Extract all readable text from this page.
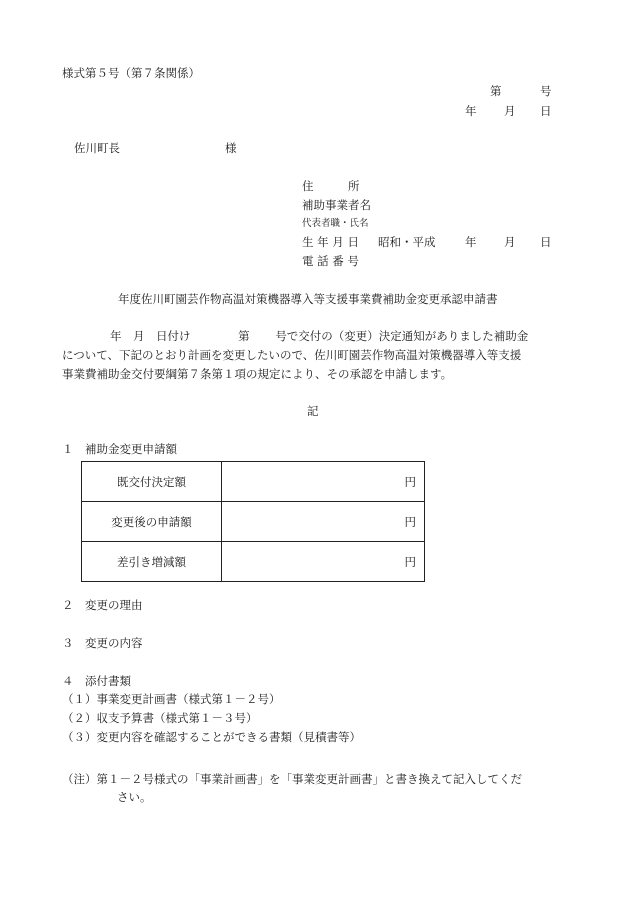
様式第５号（第７条関係）
第	号
年 月 日
佐川町長	様
住　　　所
補助事業者名
代表者職・氏名
生 年 月 日 昭和・平成	年 月 日
電 話 番 号
年度佐川町園芸作物高温対策機器導入等支援事業費補助金変更承認申請書
年　月　日付け	第 号で交付の（変更）決定通知がありました補助金
について、下記のとおり計画を変更したいので、佐川町園芸作物高温対策機器導入等支援
事業費補助金交付要綱第７条第１項の規定により、その承認を申請します。
記
１　補助金変更申請額
既交付決定額	円
変更後の申請額	円
差引き増減額	円
２　変更の理由
３　変更の内容
４　添付書類
（１）事業変更計画書（様式第１－２号）
（２）収支予算書（様式第１－３号）
（３）変更内容を確認することができる書類（見積書等）
（注）第１－２号様式の「事業計画書」を「事業変更計画書」と書き換えて記入してくだ
さい。
